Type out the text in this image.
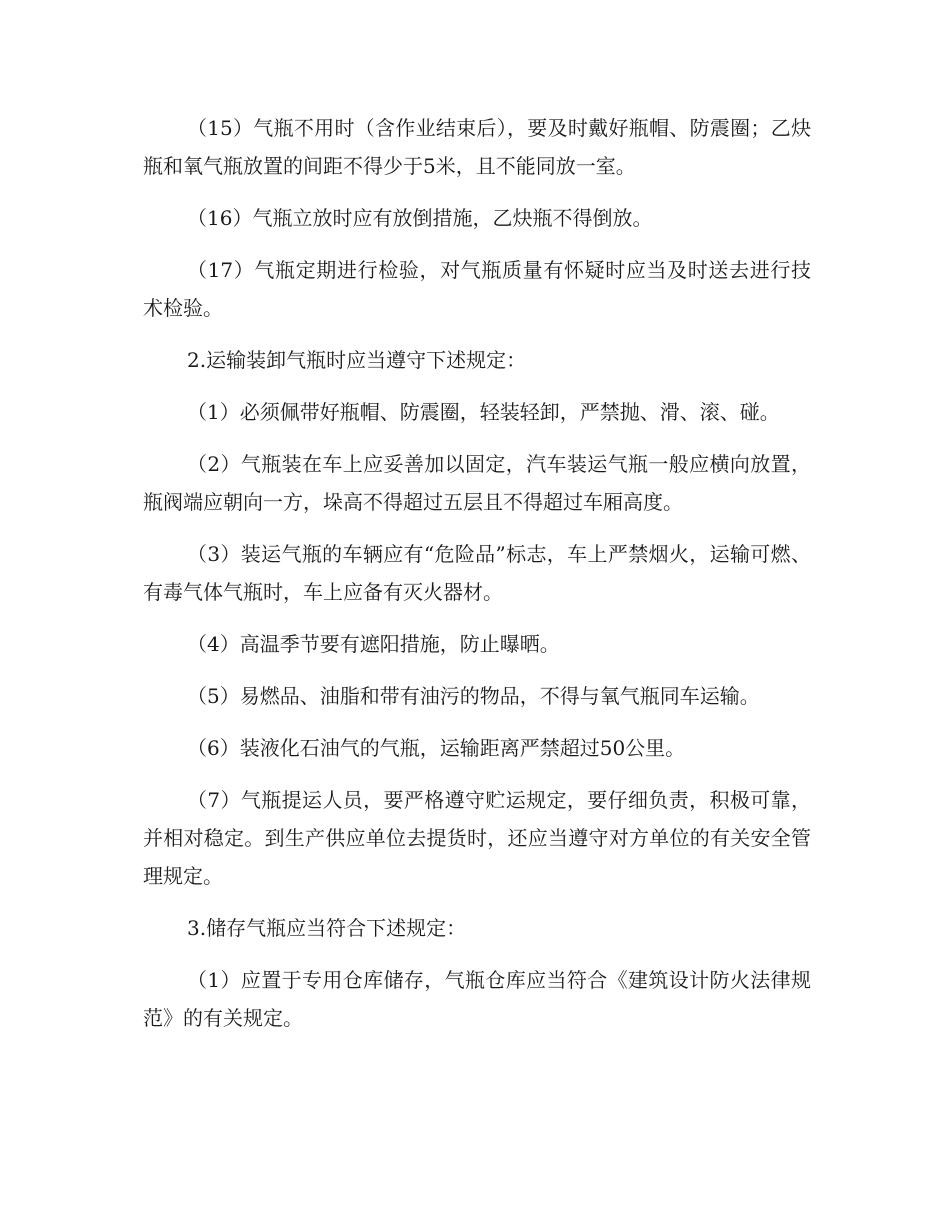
（15）气瓶不用时（含作业结束后），要及时戴好瓶帽、防震圈；乙炔瓶和氧气瓶放置的间距不得少于5米，且不能同放一室。

（16）气瓶立放时应有放倒措施，乙炔瓶不得倒放。

（17）气瓶定期进行检验，对气瓶质量有怀疑时应当及时送去进行技术检验。

2.运输装卸气瓶时应当遵守下述规定：

（1）必须佩带好瓶帽、防震圈，轻装轻卸，严禁抛、滑、滚、碰。

（2）气瓶装在车上应妥善加以固定，汽车装运气瓶一般应横向放置，瓶阀端应朝向一方，垛高不得超过五层且不得超过车厢高度。

（3）装运气瓶的车辆应有“危险品”标志，车上严禁烟火，运输可燃、有毒气体气瓶时，车上应备有灭火器材。

（4）高温季节要有遮阳措施，防止曝晒。

（5）易燃品、油脂和带有油污的物品，不得与氧气瓶同车运输。

（6）装液化石油气的气瓶，运输距离严禁超过50公里。

（7）气瓶提运人员，要严格遵守贮运规定，要仔细负责，积极可靠，并相对稳定。到生产供应单位去提货时，还应当遵守对方单位的有关安全管理规定。

3.储存气瓶应当符合下述规定：

（1）应置于专用仓库储存，气瓶仓库应当符合《建筑设计防火法律规范》的有关规定。
